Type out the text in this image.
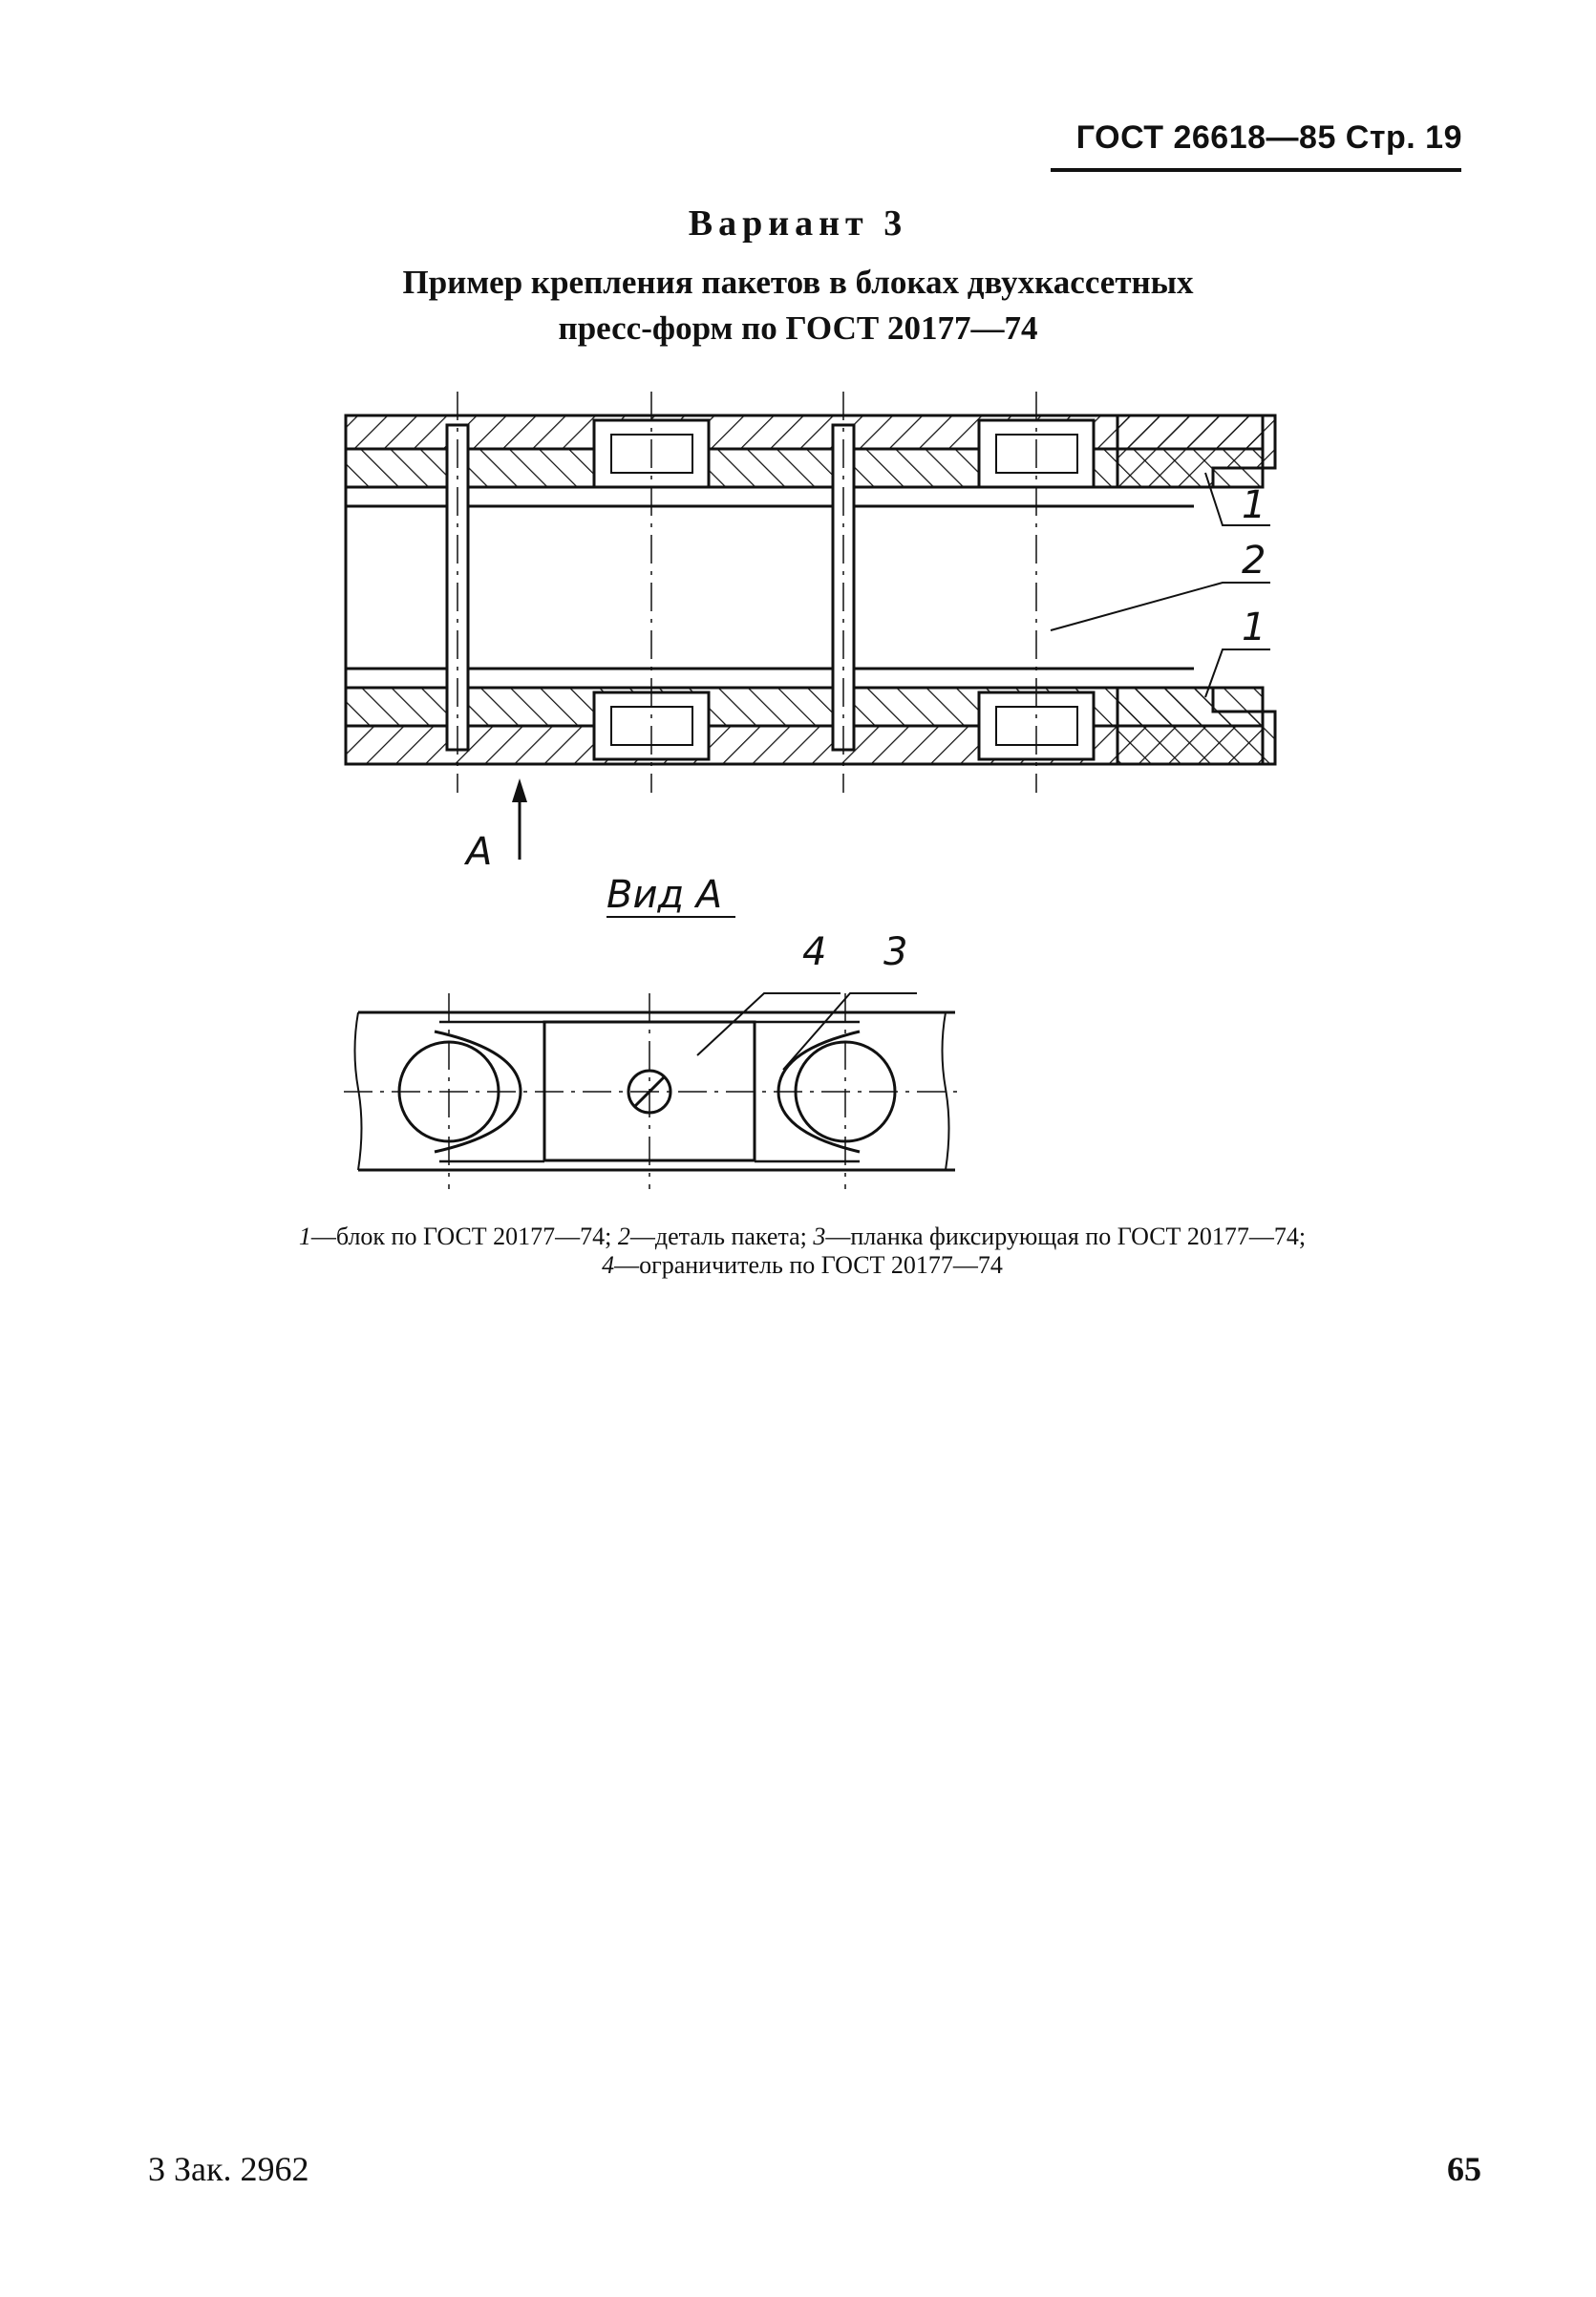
ГОСТ 26618—85 Стр. 19
Вариант 3
Пример крепления пакетов в блоках двухкассетных
пресс-форм по ГОСТ 20177—74
1
2
1
А
Вид А
4 3
1—блок по ГОСТ 20177—74; 2—деталь пакета; 3—планка фиксирующая по ГОСТ 20177—74;
4—ограничитель по ГОСТ 20177—74
3 Зак. 2962	65
